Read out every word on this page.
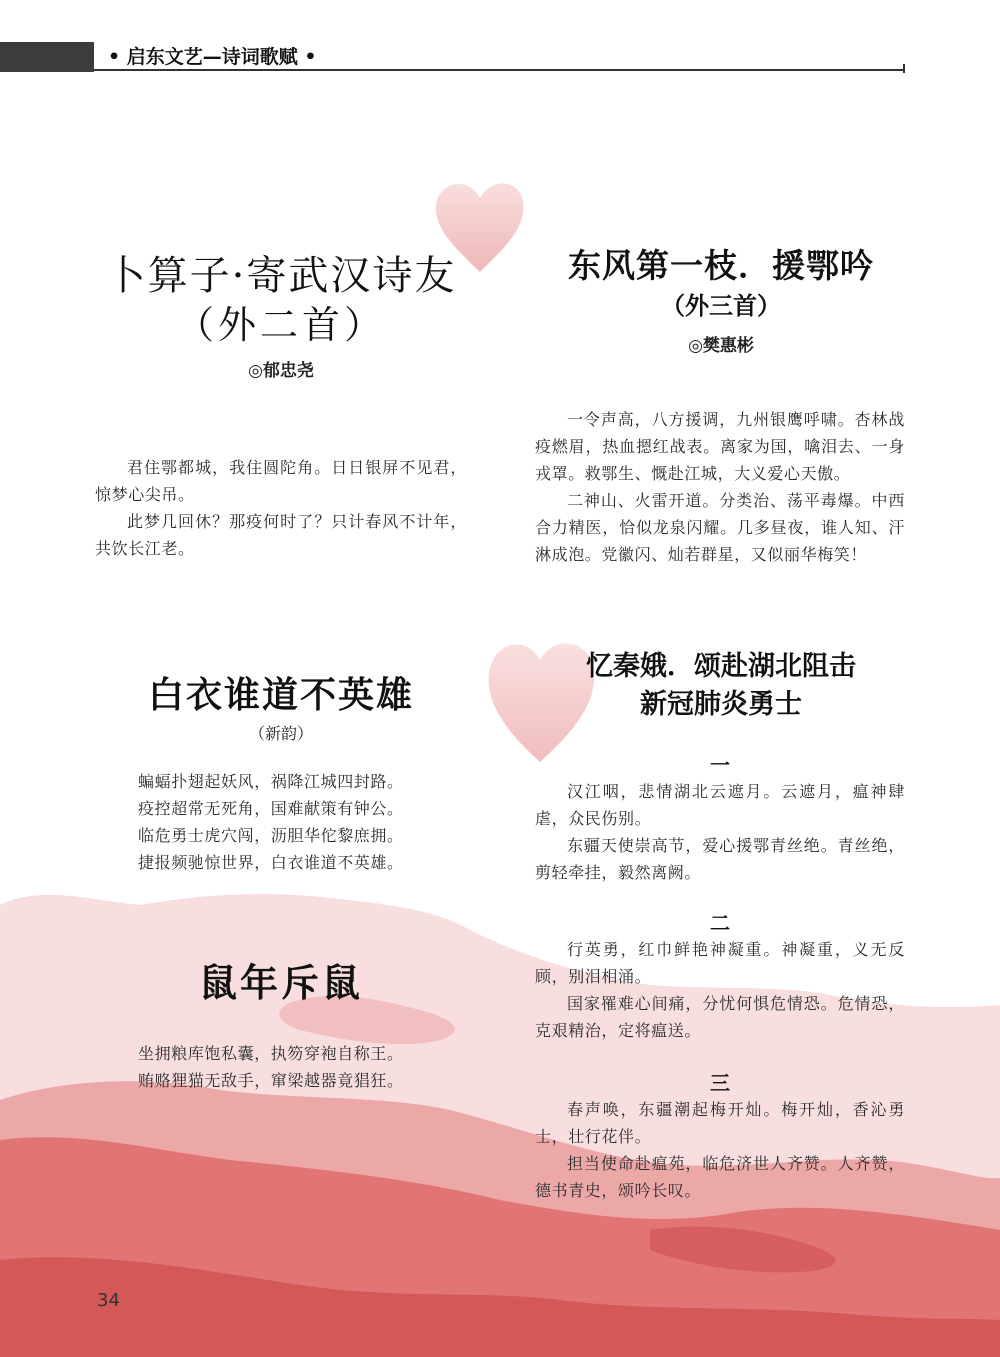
• 启东文艺—诗词歌赋 •
卜算子·寄武汉诗友
（外二首）
◎郁忠尧

君住鄂都城，我住圆陀角。日日银屏不见君，惊梦心尖吊。

此梦几回休？那疫何时了？只计春风不计年，共饮长江老。

白衣谁道不英雄
（新韵）

蝙蝠扑翅起妖风，祸降江城四封路。

疫控超常无死角，国难献策有钟公。

临危勇士虎穴闯，沥胆华佗黎庶拥。

捷报频驰惊世界，白衣谁道不英雄。

鼠年斥鼠

坐拥粮库饱私囊，执笏穿袍自称王。

贿赂狸猫无敌手，窜梁越器竟猖狂。

东风第一枝．援鄂吟
（外三首）
◎樊惠彬

一令声高，八方援调，九州银鹰呼啸。杏林战疫燃眉，热血摁红战表。离家为国，噙泪去、一身戎罩。救鄂生、慨赴江城，大义爱心天傲。

二神山、火雷开道。分类治、荡平毒爆。中西合力精医，恰似龙泉闪耀。几多昼夜，谁人知、汗淋成泡。党徽闪、灿若群星，又似丽华梅笑！

忆秦娥．颂赴湖北阻击
新冠肺炎勇士
一

汉江咽，悲情湖北云遮月。云遮月，瘟神肆虐，众民伤别。

东疆天使崇高节，爱心援鄂青丝绝。青丝绝，剪轻牵挂，毅然离阙。

二

行英勇，红巾鲜艳神凝重。神凝重，义无反顾，别泪相涌。

国家罹难心间痛，分忧何惧危情恐。危情恐，克艰精治，定将瘟送。

三

春声唤，东疆潮起梅开灿。梅开灿，香沁勇士，壮行花伴。

担当使命赴瘟苑，临危济世人齐赞。人齐赞，德书青史，颂吟长叹。

34
